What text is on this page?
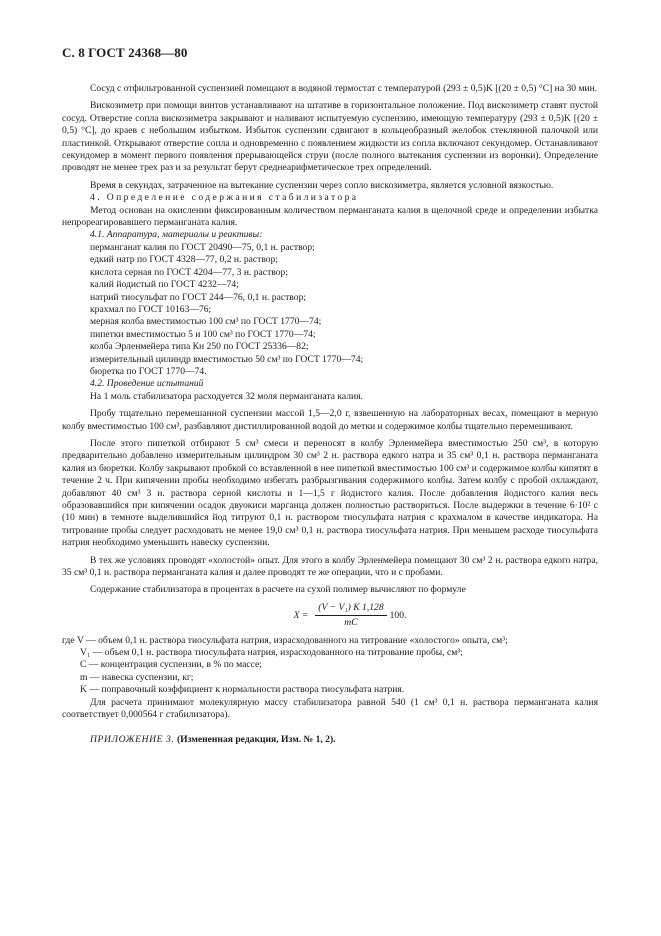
С. 8 ГОСТ 24368—80

Сосуд с отфильтрованной суспензией помещают в водяной термостат с температурой (293 ± 0,5)K [(20 ± 0,5) °C] на 30 мин.

Вискозиметр при помощи винтов устанавливают на штативе в горизонтальное положение. Под вискозиметр ставят пустой сосуд. Отверстие сопла вискозиметра закрывают и наливают испытуемую суспензию, имеющую температуру (293 ± 0,5)K [(20 ± 0,5) °C], до краев с небольшим избытком. Избыток суспензии сдвигают в кольцеобразный желобок стеклянной палочкой или пластинкой. Открывают отверстие сопла и одновременно с появлением жидкости из сопла включают секундомер. Останавливают секундомер в момент первого появления прерывающейся струи (после полного вытекания суспензии из воронки). Определение проводят не менее трех раз и за результат берут среднеарифметическое трех определений.

Время в секундах, затраченное на вытекание суспензии через сопло вискозиметра, является условной вязкостью.

4. Определение содержания стабилизатора

Метод основан на окислении фиксированным количеством перманганата калия в щелочной среде и определении избытка непрореагировавшего перманганата калия.

4.1. Аппаратура, материалы и реактивы:

перманганат калия по ГОСТ 20490—75, 0,1 н. раствор;

едкий натр по ГОСТ 4328—77, 0,2 н. раствор;

кислота серная по ГОСТ 4204—77, 3 н. раствор;

калий йодистый по ГОСТ 4232—74;

натрий тиосульфат по ГОСТ 244—76, 0,1 н. раствор;

крахмал по ГОСТ 10163—76;

мерная колба вместимостью 100 см³ по ГОСТ 1770—74;

пипетки вместимостью 5 и 100 см³ по ГОСТ 1770—74;

колба Эрленмейера типа Кн 250 по ГОСТ 25336—82;

измерительный цилиндр вместимостью 50 см³ по ГОСТ 1770—74;

бюретка по ГОСТ 1770—74.

4.2. Проведение испытаний

На 1 моль стабилизатора расходуется 32 моля перманганата калия.

Пробу тщательно перемешанной суспензии массой 1,5—2,0 г, взвешенную на лабораторных весах, помещают в мерную колбу вместимостью 100 см³, разбавляют дистиллированной водой до метки и содержимое колбы тщательно перемешивают.

После этого пипеткой отбирают 5 см³ смеси и переносят в колбу Эрленмейера вместимостью 250 см³, в которую предварительно добавлено измерительным цилиндром 30 см³ 2 н. раствора едкого натра и 35 см³ 0,1 н. раствора перманганата калия из бюретки. Колбу закрывают пробкой со вставленной в нее пипеткой вместимостью 100 см³ и содержимое колбы кипятят в течение 2 ч. При кипячении пробы необходимо избегать разбрызгивания содержимого колбы. Затем колбу с пробой охлаждают, добавляют 40 см³ 3 н. раствора серной кислоты и 1—1,5 г йодистого калия. После добавления йодистого калия весь образовавшийся при кипячении осадок двуокиси марганца должен полностью раствориться. После выдержки в течение 6·10² с (10 мин) в темноте выделившийся йод титруют 0,1 н. раствором тиосульфата натрия с крахмалом в качестве индикатора. На титрование пробы следует расходовать не менее 19,0 см³ 0,1 н. раствора тиосульфата натрия. При меньшем расходе тиосульфата натрия необходимо уменьшить навеску суспензии.

В тех же условиях проводят «холостой» опыт. Для этого в колбу Эрленмейера помещают 30 см³ 2 н. раствора едкого натра, 35 см³ 0,1 н. раствора перманганата калия и далее проводят те же операции, что и с пробами.

Содержание стабилизатора в процентах в расчете на сухой полимер вычисляют по формуле

$X = \frac{\text{(V − V₁) K 1,128}}{mC} 100$.

где V — объем 0,1 н. раствора тиосульфата натрия, израсходованного на титрование «холостого» опыта, см³;

V₁ — объем 0,1 н. раствора тиосульфата натрия, израсходованного на титрование пробы, см³;

C — концентрация суспензии, в % по массе;

m — навеска суспензии, кг;

K — поправочный коэффициент к нормальности раствора тиосульфата натрия.

Для расчета принимают молекулярную массу стабилизатора равной 540 (1 см³ 0,1 н. раствора перманганата калия соответствует 0,000564 г стабилизатора).

ПРИЛОЖЕНИЕ 3. (Измененная редакция, Изм. № 1, 2).
